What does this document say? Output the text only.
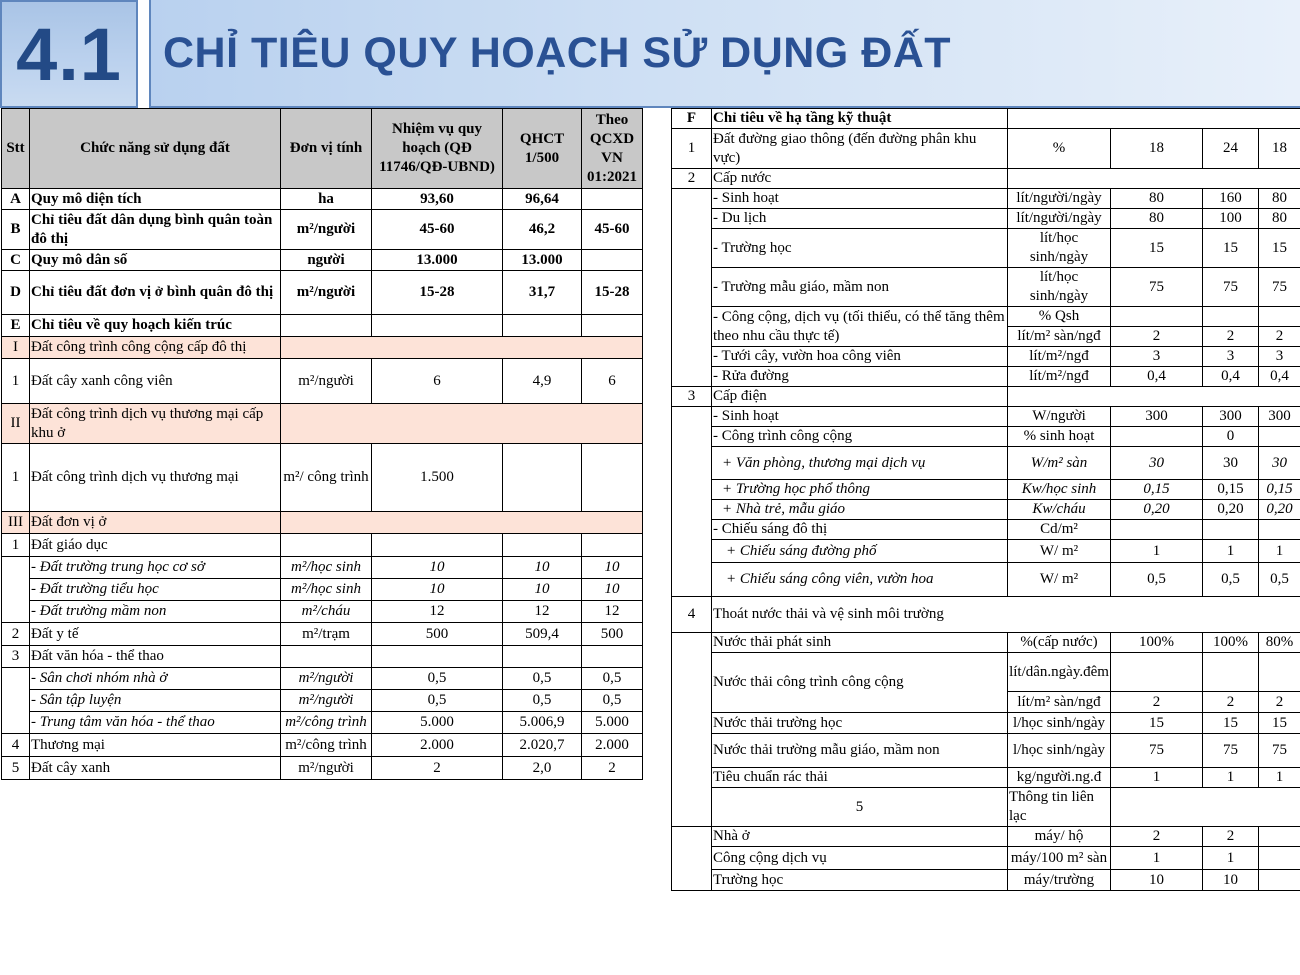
4.1 CHỈ TIÊU QUY HOẠCH SỬ DỤNG ĐẤT
Stt	Chức năng sử dụng đất	Đơn vị tính	Nhiệm vụ quy hoạch (QĐ 11746/QĐ-UBND)	QHCT 1/500	Theo QCXD VN 01:2021
A	Quy mô diện tích	ha	93,60	96,64	
B	Chỉ tiêu đất dân dụng bình quân toàn đô thị	m²/người	45-60	46,2	45-60
C	Quy mô dân số	người	13.000	13.000	
D	Chỉ tiêu đất đơn vị ở bình quân đô thị	m²/người	15-28	31,7	15-28
E	Chỉ tiêu về quy hoạch kiến trúc				
I	Đất công trình công cộng cấp đô thị				
1	Đất cây xanh công viên	m²/người	6	4,9	6
II	Đất công trình dịch vụ thương mại cấp khu ở				
1	Đất công trình dịch vụ thương mại	m²/ công trình	1.500		
III	Đất đơn vị ở				
1	Đất giáo dục				
	- Đất trường trung học cơ sở	m²/học sinh	10	10	10
	- Đất trường tiểu học	m²/học sinh	10	10	10
	- Đất trường mầm non	m²/cháu	12	12	12
2	Đất y tế	m²/trạm	500	509,4	500
3	Đất văn hóa - thể thao				
	- Sân chơi nhóm nhà ở	m²/người	0,5	0,5	0,5
	- Sân tập luyện	m²/người	0,5	0,5	0,5
	- Trung tâm văn hóa - thể thao	m²/công trình	5.000	5.006,9	5.000
4	Thương mại	m²/công trình	2.000	2.020,7	2.000
5	Đất cây xanh	m²/người	2	2,0	2
F	Chỉ tiêu về hạ tầng kỹ thuật				
1	Đất đường giao thông (đến đường phân khu vực)	%	18	24	18
2	Cấp nước				
	- Sinh hoạt	lít/người/ngày	80	160	80
	- Du lịch	lít/người/ngày	80	100	80
	- Trường học	lít/học sinh/ngày	15	15	15
	- Trường mẫu giáo, mầm non	lít/học sinh/ngày	75	75	75
	- Công cộng, dịch vụ (tối thiểu, có thể tăng thêm theo nhu cầu thực tế)	% Qsh			
		lít/m² sàn/ngđ	2	2	2
	- Tưới cây, vườn hoa công viên	lít/m²/ngđ	3	3	3
	- Rửa đường	lít/m²/ngđ	0,4	0,4	0,4
3	Cấp điện				
	- Sinh hoạt	W/người	300	300	300
	- Công trình công cộng	% sinh hoạt		0	
	+ Văn phòng, thương mại dịch vụ	W/m² sàn	30	30	30
	+ Trường học phổ thông	Kw/học sinh	0,15	0,15	0,15
	+ Nhà trẻ, mẫu giáo	Kw/cháu	0,20	0,20	0,20
	- Chiếu sáng đô thị	Cd/m²			
	+ Chiếu sáng đường phố	W/ m²	1	1	1
	+ Chiếu sáng công viên, vườn hoa	W/ m²	0,5	0,5	0,5
4	Thoát nước thải và vệ sinh môi trường				
	Nước thải phát sinh	%(cấp nước)	100%	100%	80%
	Nước thải công trình công cộng	lít/dân.ngày.đêm			
		lít/m² sàn/ngđ	2	2	2
	Nước thải trường học	l/học sinh/ngày	15	15	15
	Nước thải trường mẫu giáo, mầm non	l/học sinh/ngày	75	75	75
	Tiêu chuẩn rác thải	kg/người.ng.đ	1	1	1
	5	Thông tin liên lạc			
	Nhà ở	máy/ hộ	2	2	
	Công cộng dịch vụ	máy/100 m² sàn	1	1	
	Trường học	máy/trường	10	10	
